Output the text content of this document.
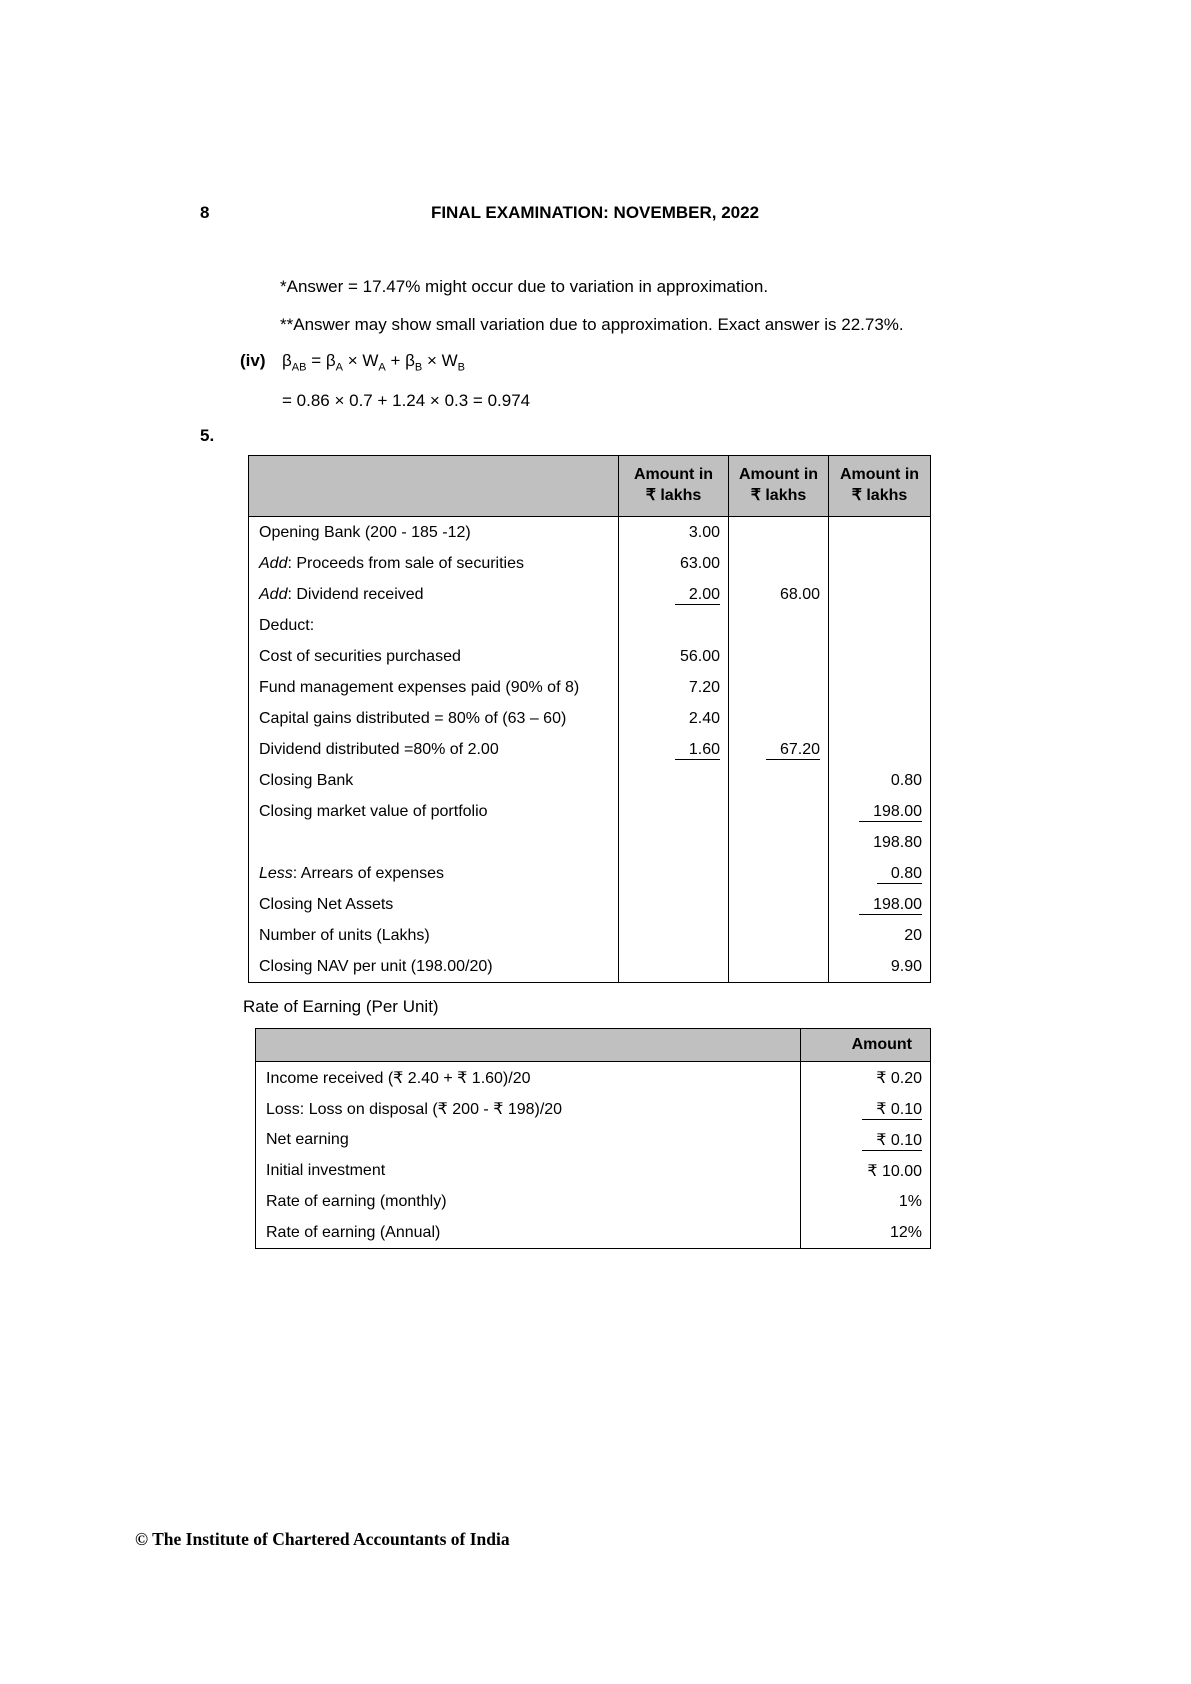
8	FINAL EXAMINATION: NOVEMBER, 2022
*Answer = 17.47% might occur due to variation in approximation.
**Answer may show small variation due to approximation. Exact answer is 22.73%.
(iv) $\beta_{AB} = \beta_A \times W_A + \beta_B \times W_B$
= 0.86 × 0.7 + 1.24 × 0.3 = 0.974
5.

	Amount in
₹ lakhs	Amount in
₹ lakhs	Amount in
₹ lakhs

Opening Bank (200 - 185 -12)	3.00		
Add: Proceeds from sale of securities	63.00		
Add: Dividend received	2.00	68.00	
Deduct:			
Cost of securities purchased	56.00		
Fund management expenses paid (90% of 8)	7.20		
Capital gains distributed = 80% of (63 – 60)	2.40		
Dividend distributed =80% of 2.00	1.60	67.20	
Closing Bank			0.80
Closing market value of portfolio			198.00
			198.80
Less: Arrears of expenses			0.80
Closing Net Assets			198.00
Number of units (Lakhs)			20
Closing NAV per unit (198.00/20)			9.90
Rate of Earning (Per Unit)
	Amount
Income received (₹ 2.40 + ₹ 1.60)/20	₹ 0.20
Loss: Loss on disposal (₹ 200 - ₹ 198)/20	₹ 0.10
Net earning	₹ 0.10
Initial investment	₹ 10.00
Rate of earning (monthly)	1%
Rate of earning (Annual)	12%
© The Institute of Chartered Accountants of India
